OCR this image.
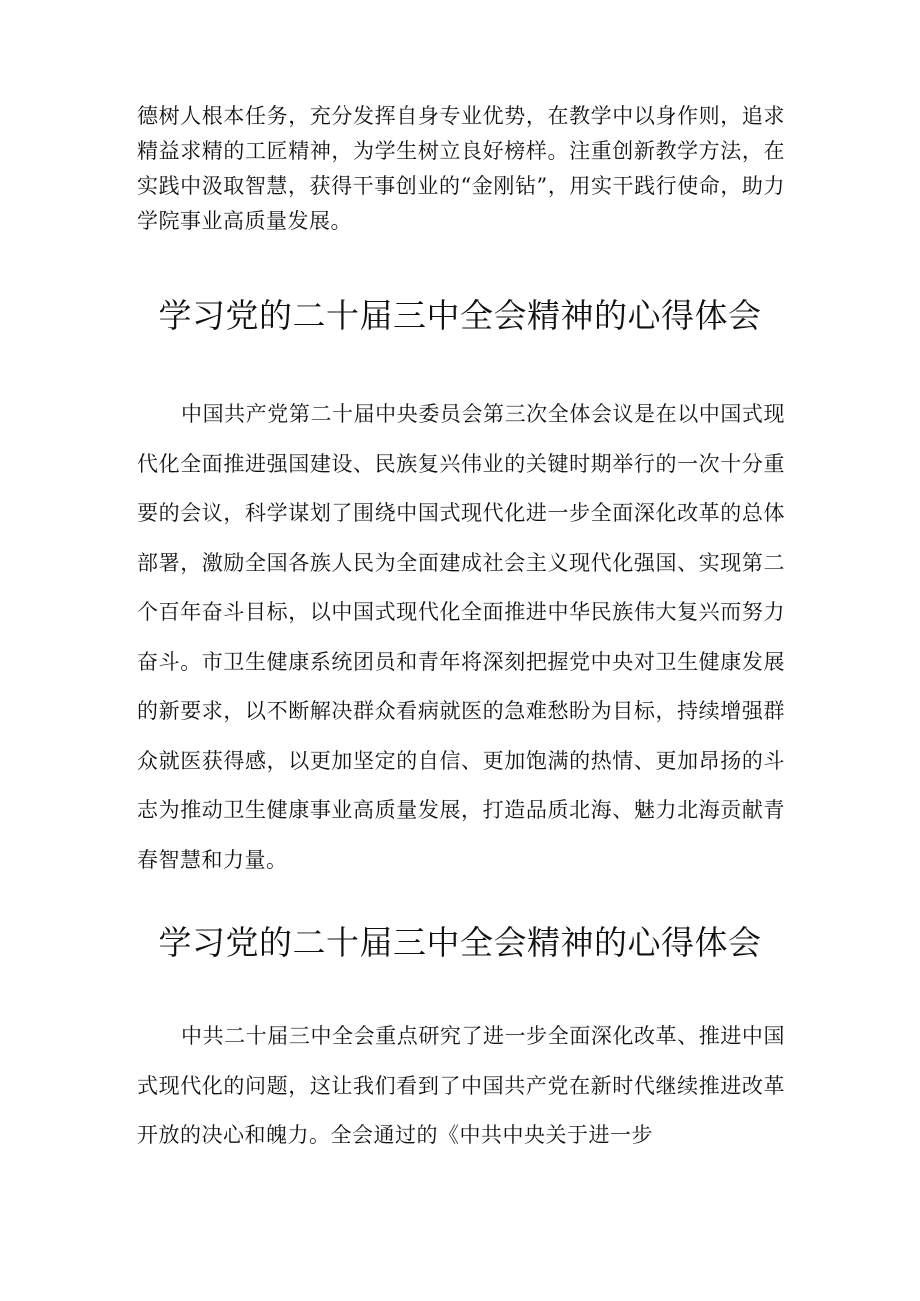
德树人根本任务，充分发挥自身专业优势，在教学中以身作则，追求精益求精的工匠精神，为学生树立良好榜样。注重创新教学方法，在实践中汲取智慧，获得干事创业的“金刚钻”，用实干践行使命，助力学院事业高质量发展。

学习党的二十届三中全会精神的心得体会

中国共产党第二十届中央委员会第三次全体会议是在以中国式现代化全面推进强国建设、民族复兴伟业的关键时期举行的一次十分重要的会议，科学谋划了围绕中国式现代化进一步全面深化改革的总体部署，激励全国各族人民为全面建成社会主义现代化强国、实现第二个百年奋斗目标，以中国式现代化全面推进中华民族伟大复兴而努力奋斗。市卫生健康系统团员和青年将深刻把握党中央对卫生健康发展的新要求，以不断解决群众看病就医的急难愁盼为目标，持续增强群众就医获得感，以更加坚定的自信、更加饱满的热情、更加昂扬的斗志为推动卫生健康事业高质量发展，打造品质北海、魅力北海贡献青春智慧和力量。

学习党的二十届三中全会精神的心得体会

中共二十届三中全会重点研究了进一步全面深化改革、推进中国式现代化的问题，这让我们看到了中国共产党在新时代继续推进改革开放的决心和魄力。全会通过的《中共中央关于进一步
